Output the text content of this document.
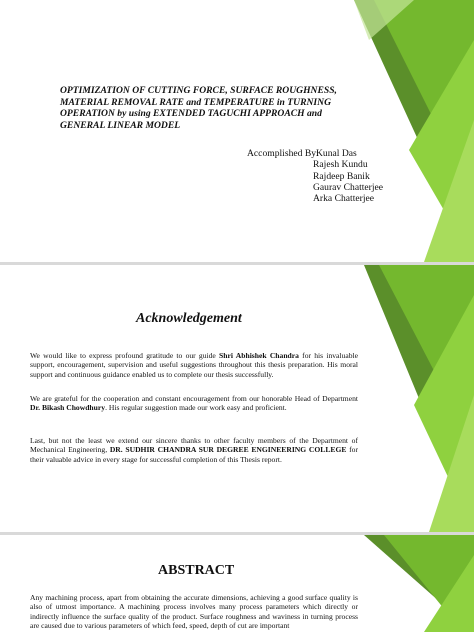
OPTIMIZATION OF CUTTING FORCE, SURFACE ROUGHNESS, MATERIAL REMOVAL RATE and TEMPERATURE in TURNING OPERATION by using EXTENDED TAGUCHI APPROACH and GENERAL LINEAR MODEL
Accomplished By:
Kunal Das
Rajesh Kundu
Rajdeep Banik
Gaurav Chatterjee
Arka Chatterjee
Acknowledgement
We would like to express profound gratitude to our guide Shri Abhishek Chandra for his invaluable support, encouragement, supervision and useful suggestions throughout this thesis preparation. His moral support and continuous guidance enabled us to complete our thesis successfully.
We are grateful for the cooperation and constant encouragement from our honorable Head of Department Dr. Bikash Chowdhury. His regular suggestion made our work easy and proficient.
Last, but not the least we extend our sincere thanks to other faculty members of the Department of Mechanical Engineering, DR. SUDHIR CHANDRA SUR DEGREE ENGINEERING COLLEGE for their valuable advice in every stage for successful completion of this Thesis report.
ABSTRACT
Any machining process, apart from obtaining the accurate dimensions, achieving a good surface quality is also of utmost importance. A machining process involves many process parameters which directly or indirectly influence the surface quality of the product. Surface roughness and waviness in turning process are caused due to various parameters of which feed, speed, depth of cut are important
